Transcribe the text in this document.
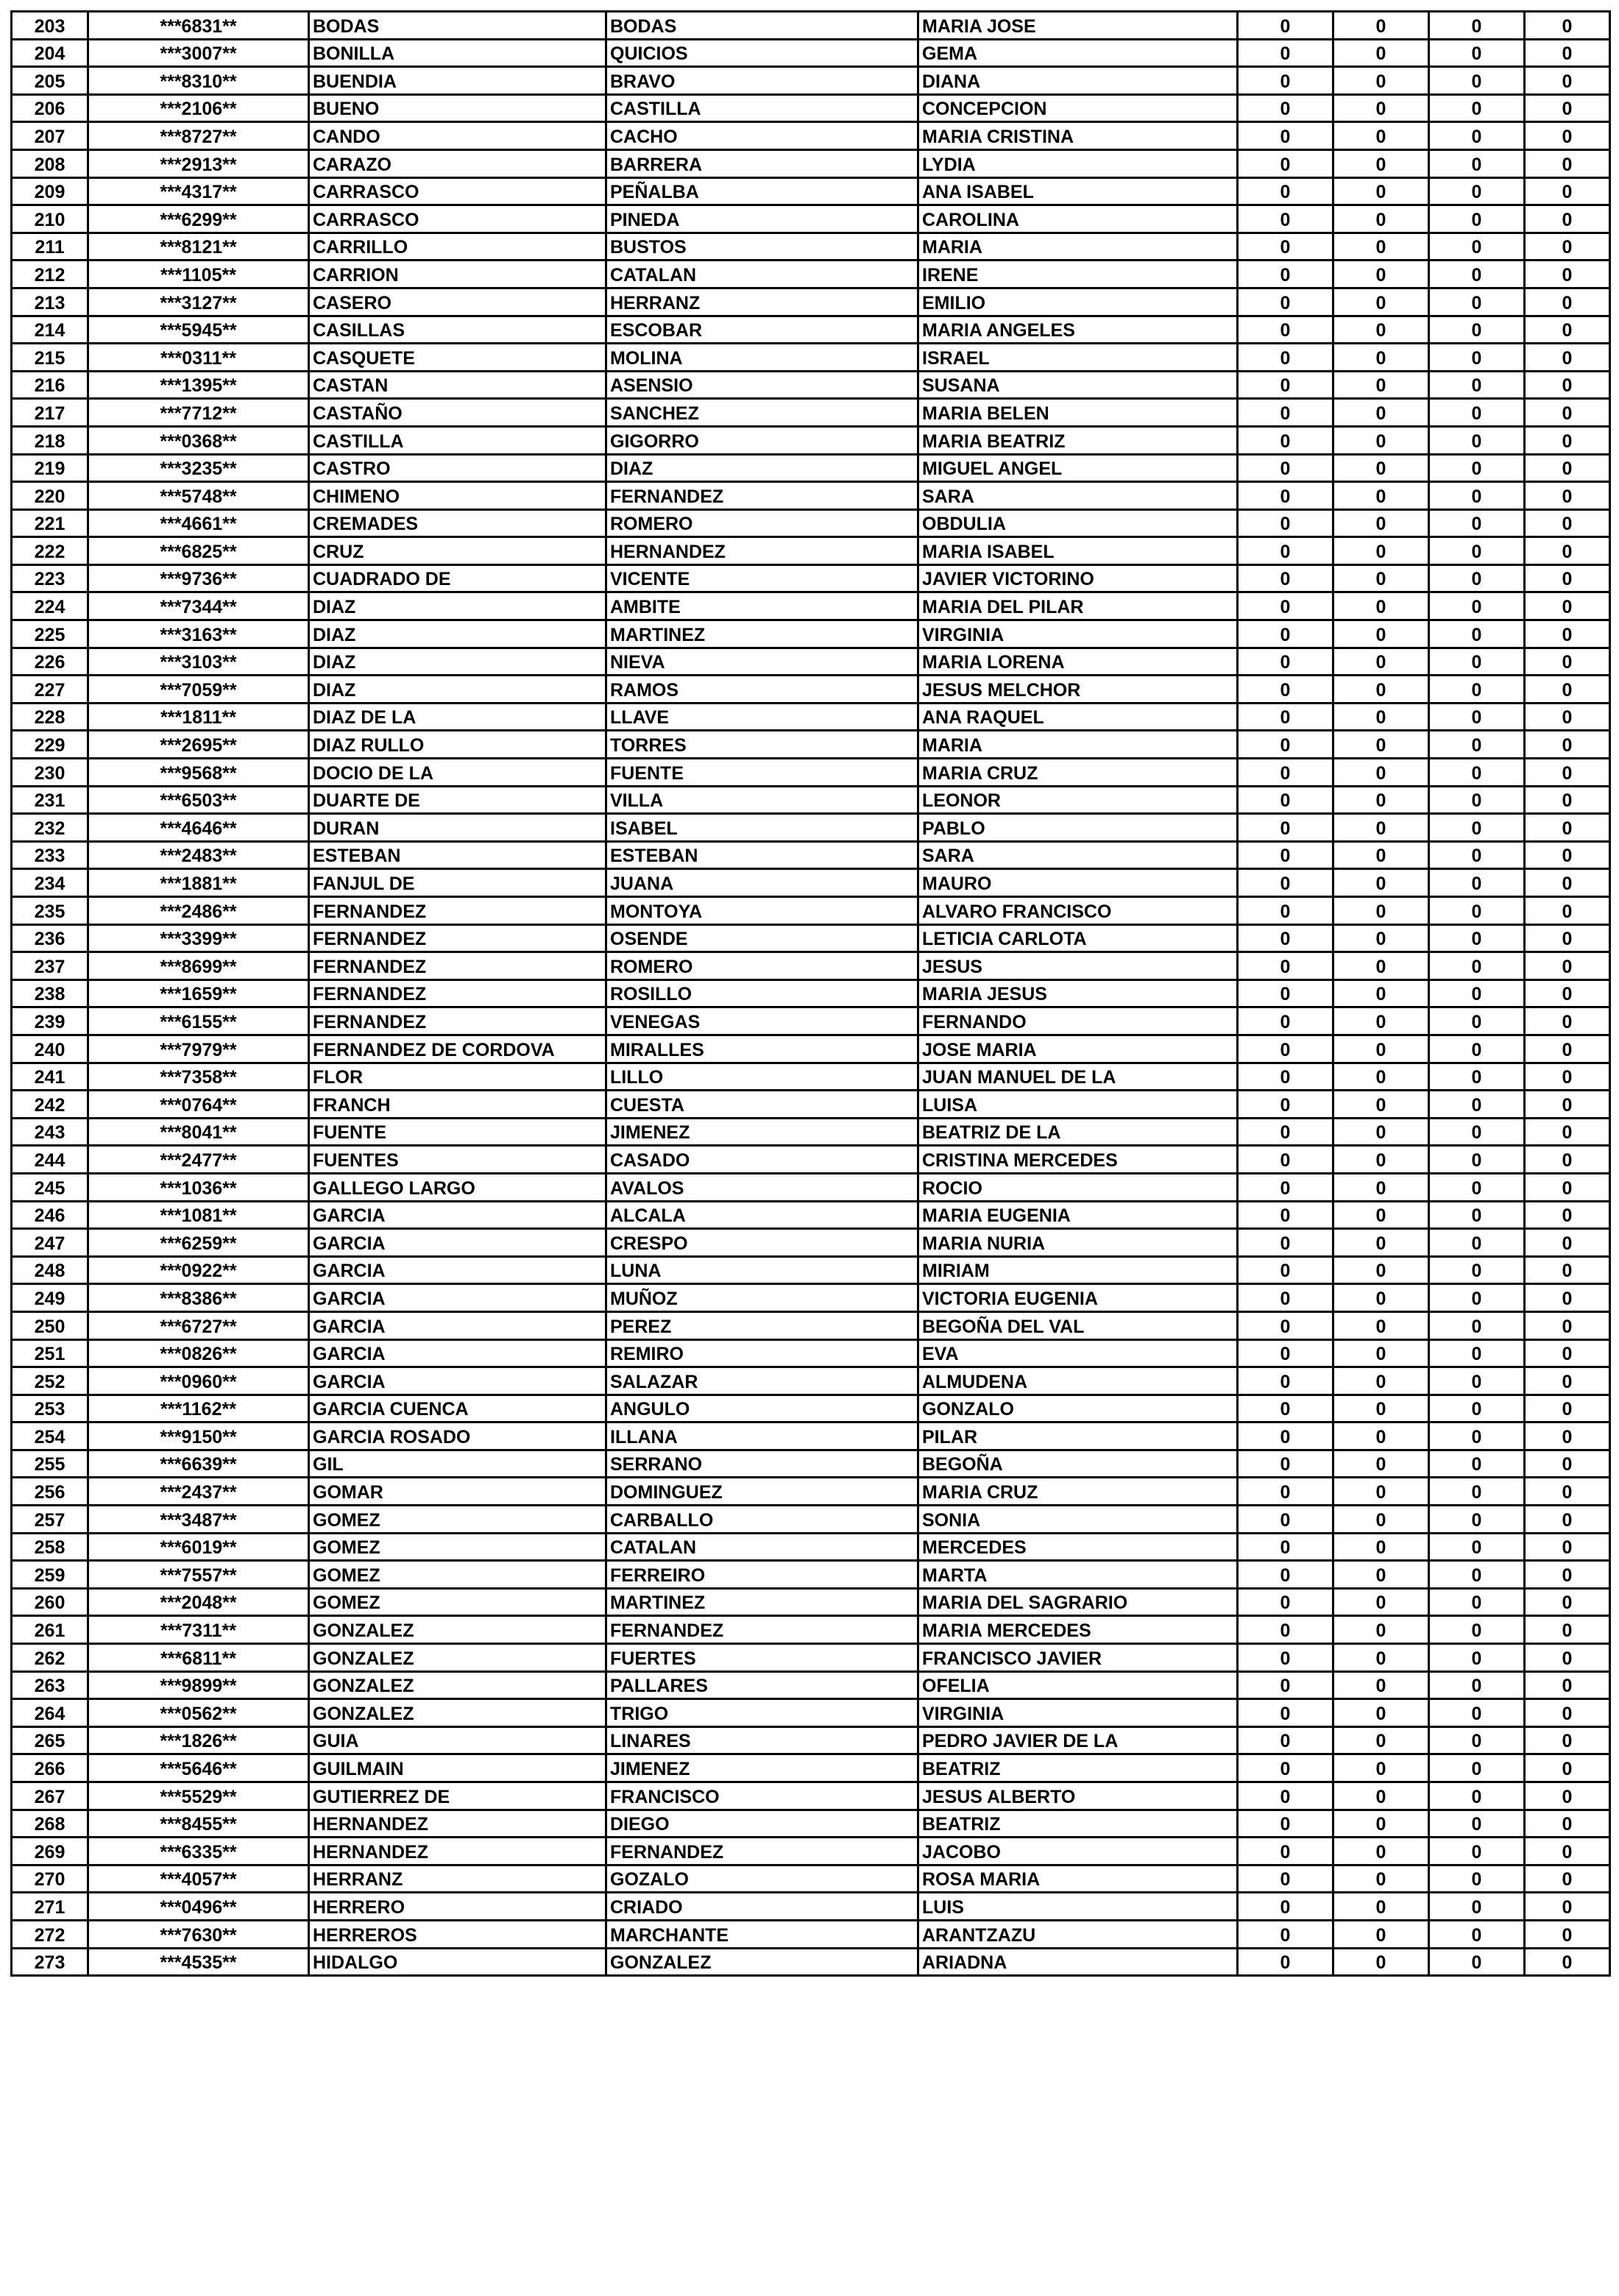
203	***6831**	BODAS	BODAS	MARIA JOSE	0	0	0	0
204	***3007**	BONILLA	QUICIOS	GEMA	0	0	0	0
205	***8310**	BUENDIA	BRAVO	DIANA	0	0	0	0
206	***2106**	BUENO	CASTILLA	CONCEPCION	0	0	0	0
207	***8727**	CANDO	CACHO	MARIA CRISTINA	0	0	0	0
208	***2913**	CARAZO	BARRERA	LYDIA	0	0	0	0
209	***4317**	CARRASCO	PEÑALBA	ANA ISABEL	0	0	0	0
210	***6299**	CARRASCO	PINEDA	CAROLINA	0	0	0	0
211	***8121**	CARRILLO	BUSTOS	MARIA	0	0	0	0
212	***1105**	CARRION	CATALAN	IRENE	0	0	0	0
213	***3127**	CASERO	HERRANZ	EMILIO	0	0	0	0
214	***5945**	CASILLAS	ESCOBAR	MARIA ANGELES	0	0	0	0
215	***0311**	CASQUETE	MOLINA	ISRAEL	0	0	0	0
216	***1395**	CASTAN	ASENSIO	SUSANA	0	0	0	0
217	***7712**	CASTAÑO	SANCHEZ	MARIA BELEN	0	0	0	0
218	***0368**	CASTILLA	GIGORRO	MARIA BEATRIZ	0	0	0	0
219	***3235**	CASTRO	DIAZ	MIGUEL ANGEL	0	0	0	0
220	***5748**	CHIMENO	FERNANDEZ	SARA	0	0	0	0
221	***4661**	CREMADES	ROMERO	OBDULIA	0	0	0	0
222	***6825**	CRUZ	HERNANDEZ	MARIA ISABEL	0	0	0	0
223	***9736**	CUADRADO DE	VICENTE	JAVIER VICTORINO	0	0	0	0
224	***7344**	DIAZ	AMBITE	MARIA DEL PILAR	0	0	0	0
225	***3163**	DIAZ	MARTINEZ	VIRGINIA	0	0	0	0
226	***3103**	DIAZ	NIEVA	MARIA LORENA	0	0	0	0
227	***7059**	DIAZ	RAMOS	JESUS MELCHOR	0	0	0	0
228	***1811**	DIAZ DE LA	LLAVE	ANA RAQUEL	0	0	0	0
229	***2695**	DIAZ RULLO	TORRES	MARIA	0	0	0	0
230	***9568**	DOCIO DE LA	FUENTE	MARIA CRUZ	0	0	0	0
231	***6503**	DUARTE DE	VILLA	LEONOR	0	0	0	0
232	***4646**	DURAN	ISABEL	PABLO	0	0	0	0
233	***2483**	ESTEBAN	ESTEBAN	SARA	0	0	0	0
234	***1881**	FANJUL DE	JUANA	MAURO	0	0	0	0
235	***2486**	FERNANDEZ	MONTOYA	ALVARO FRANCISCO	0	0	0	0
236	***3399**	FERNANDEZ	OSENDE	LETICIA CARLOTA	0	0	0	0
237	***8699**	FERNANDEZ	ROMERO	JESUS	0	0	0	0
238	***1659**	FERNANDEZ	ROSILLO	MARIA JESUS	0	0	0	0
239	***6155**	FERNANDEZ	VENEGAS	FERNANDO	0	0	0	0
240	***7979**	FERNANDEZ DE CORDOVA	MIRALLES	JOSE MARIA	0	0	0	0
241	***7358**	FLOR	LILLO	JUAN MANUEL DE LA	0	0	0	0
242	***0764**	FRANCH	CUESTA	LUISA	0	0	0	0
243	***8041**	FUENTE	JIMENEZ	BEATRIZ DE LA	0	0	0	0
244	***2477**	FUENTES	CASADO	CRISTINA MERCEDES	0	0	0	0
245	***1036**	GALLEGO LARGO	AVALOS	ROCIO	0	0	0	0
246	***1081**	GARCIA	ALCALA	MARIA EUGENIA	0	0	0	0
247	***6259**	GARCIA	CRESPO	MARIA NURIA	0	0	0	0
248	***0922**	GARCIA	LUNA	MIRIAM	0	0	0	0
249	***8386**	GARCIA	MUÑOZ	VICTORIA EUGENIA	0	0	0	0
250	***6727**	GARCIA	PEREZ	BEGOÑA DEL VAL	0	0	0	0
251	***0826**	GARCIA	REMIRO	EVA	0	0	0	0
252	***0960**	GARCIA	SALAZAR	ALMUDENA	0	0	0	0
253	***1162**	GARCIA CUENCA	ANGULO	GONZALO	0	0	0	0
254	***9150**	GARCIA ROSADO	ILLANA	PILAR	0	0	0	0
255	***6639**	GIL	SERRANO	BEGOÑA	0	0	0	0
256	***2437**	GOMAR	DOMINGUEZ	MARIA CRUZ	0	0	0	0
257	***3487**	GOMEZ	CARBALLO	SONIA	0	0	0	0
258	***6019**	GOMEZ	CATALAN	MERCEDES	0	0	0	0
259	***7557**	GOMEZ	FERREIRO	MARTA	0	0	0	0
260	***2048**	GOMEZ	MARTINEZ	MARIA DEL SAGRARIO	0	0	0	0
261	***7311**	GONZALEZ	FERNANDEZ	MARIA MERCEDES	0	0	0	0
262	***6811**	GONZALEZ	FUERTES	FRANCISCO JAVIER	0	0	0	0
263	***9899**	GONZALEZ	PALLARES	OFELIA	0	0	0	0
264	***0562**	GONZALEZ	TRIGO	VIRGINIA	0	0	0	0
265	***1826**	GUIA	LINARES	PEDRO JAVIER DE LA	0	0	0	0
266	***5646**	GUILMAIN	JIMENEZ	BEATRIZ	0	0	0	0
267	***5529**	GUTIERREZ DE	FRANCISCO	JESUS ALBERTO	0	0	0	0
268	***8455**	HERNANDEZ	DIEGO	BEATRIZ	0	0	0	0
269	***6335**	HERNANDEZ	FERNANDEZ	JACOBO	0	0	0	0
270	***4057**	HERRANZ	GOZALO	ROSA MARIA	0	0	0	0
271	***0496**	HERRERO	CRIADO	LUIS	0	0	0	0
272	***7630**	HERREROS	MARCHANTE	ARANTZAZU	0	0	0	0
273	***4535**	HIDALGO	GONZALEZ	ARIADNA	0	0	0	0
